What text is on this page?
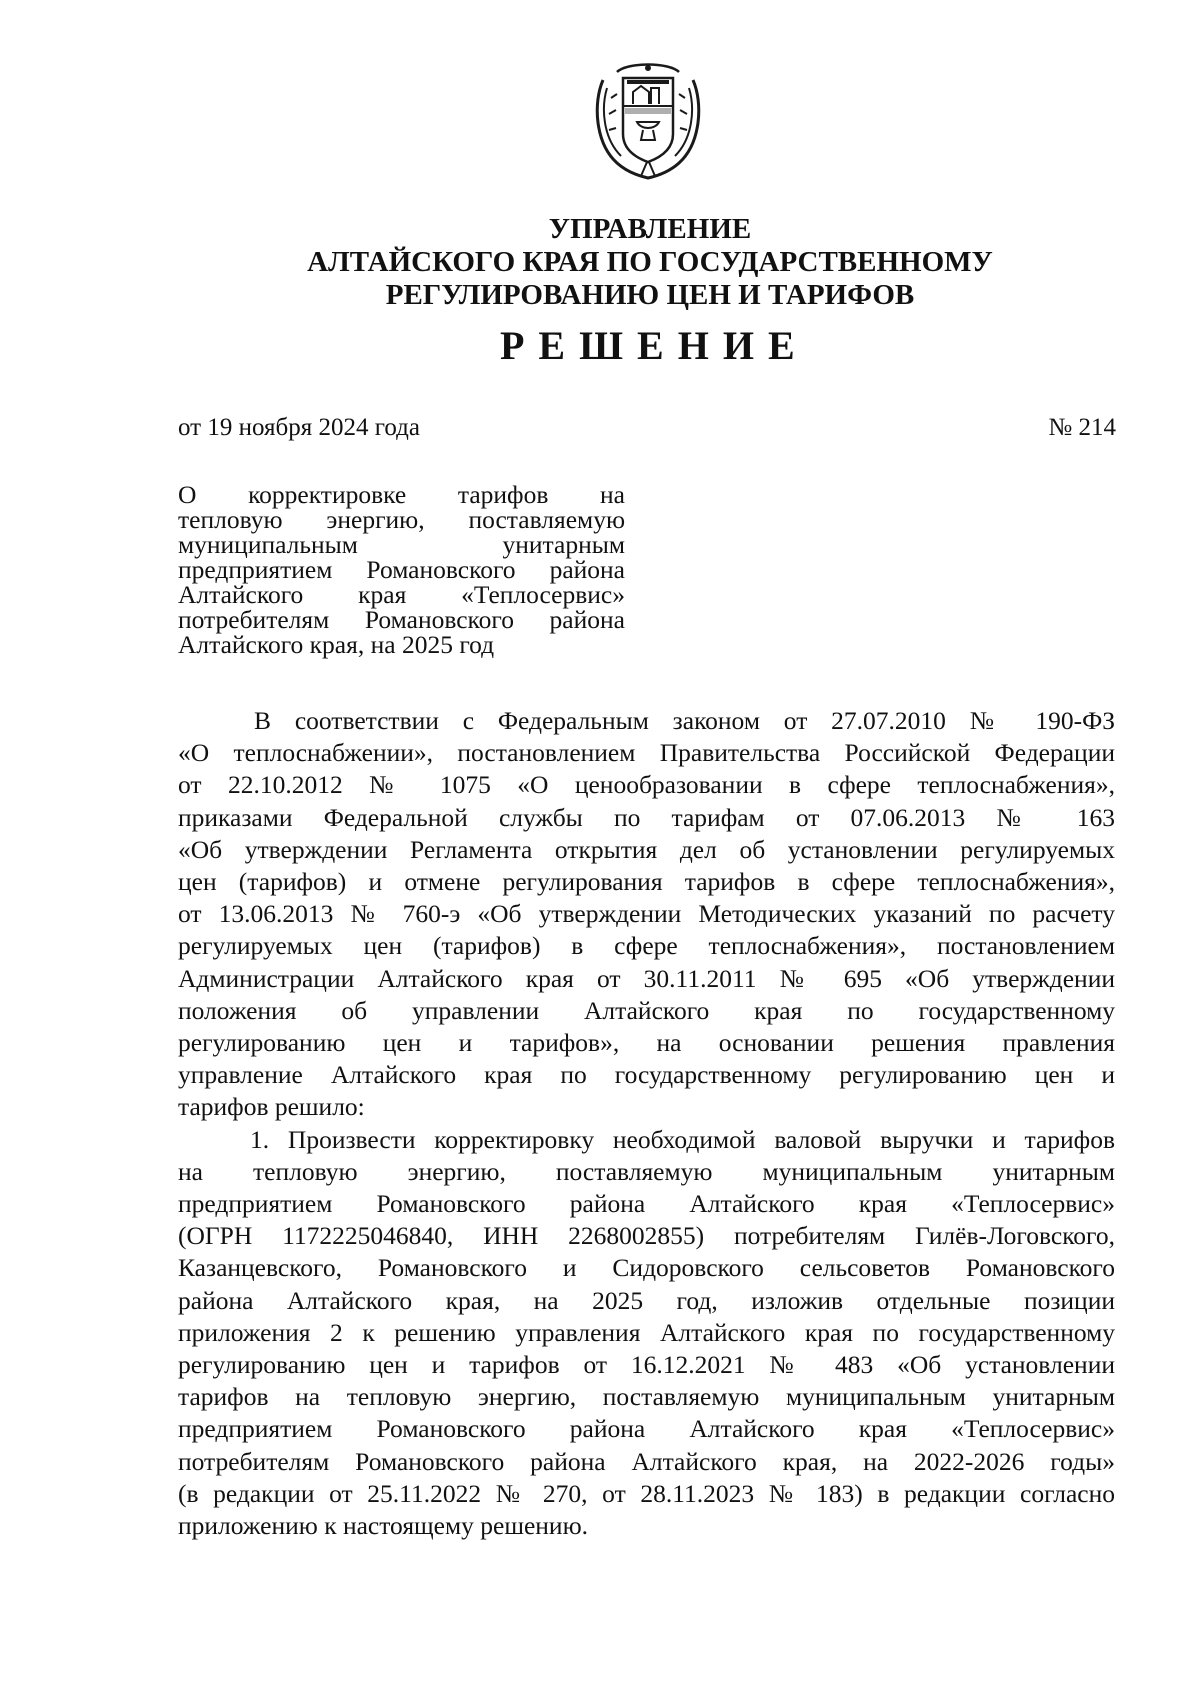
УПРАВЛЕНИЕ
АЛТАЙСКОГО КРАЯ ПО ГОСУДАРСТВЕННОМУ
РЕГУЛИРОВАНИЮ ЦЕН И ТАРИФОВ
РЕШЕНИЕ
от 19 ноября 2024 года	№ 214
О корректировке тарифов на
тепловую энергию, поставляемую
муниципальным унитарным
предприятием Романовского района
Алтайского края «Теплосервис»
потребителям Романовского района
Алтайского края, на 2025 год
В соответствии с Федеральным законом от 27.07.2010 № 190-ФЗ
«О теплоснабжении», постановлением Правительства Российской Федерации
от 22.10.2012 № 1075 «О ценообразовании в сфере теплоснабжения»,
приказами Федеральной службы по тарифам от 07.06.2013 № 163
«Об утверждении Регламента открытия дел об установлении регулируемых
цен (тарифов) и отмене регулирования тарифов в сфере теплоснабжения»,
от 13.06.2013 № 760-э «Об утверждении Методических указаний по расчету
регулируемых цен (тарифов) в сфере теплоснабжения», постановлением
Администрации Алтайского края от 30.11.2011 № 695 «Об утверждении
положения об управлении Алтайского края по государственному
регулированию цен и тарифов», на основании решения правления
управление Алтайского края по государственному регулированию цен и
тарифов решило:
1. Произвести корректировку необходимой валовой выручки и тарифов
на тепловую энергию, поставляемую муниципальным унитарным
предприятием Романовского района Алтайского края «Теплосервис»
(ОГРН 1172225046840, ИНН 2268002855) потребителям Гилёв-Логовского,
Казанцевского, Романовского и Сидоровского сельсоветов Романовского
района Алтайского края, на 2025 год, изложив отдельные позиции
приложения 2 к решению управления Алтайского края по государственному
регулированию цен и тарифов от 16.12.2021 № 483 «Об установлении
тарифов на тепловую энергию, поставляемую муниципальным унитарным
предприятием Романовского района Алтайского края «Теплосервис»
потребителям Романовского района Алтайского края, на 2022-2026 годы»
(в редакции от 25.11.2022 № 270, от 28.11.2023 № 183) в редакции согласно
приложению к настоящему решению.
